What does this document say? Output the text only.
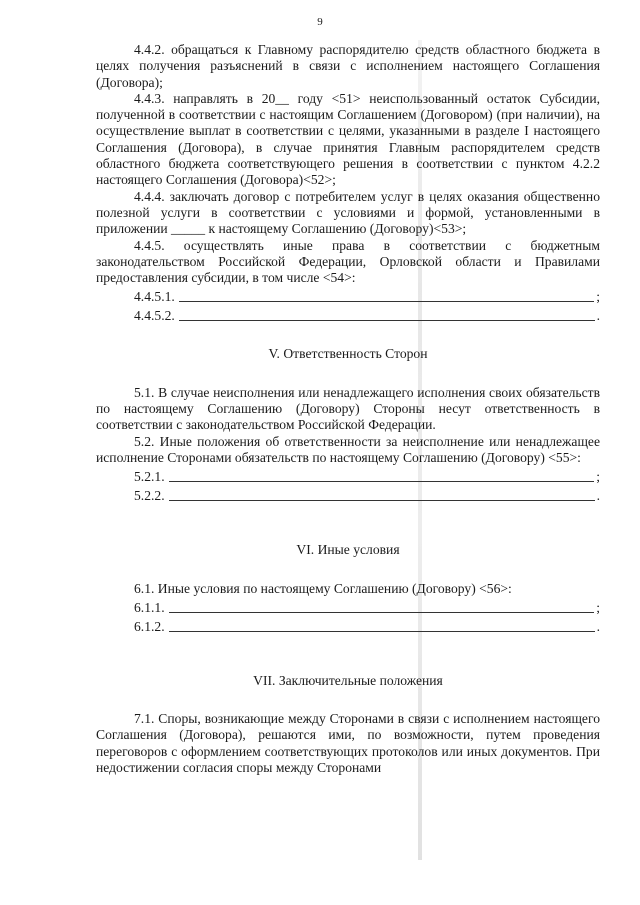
9

4.4.2. обращаться к Главному распорядителю средств областного бюджета в целях получения разъяснений в связи с исполнением настоящего Соглашения (Договора);

4.4.3. направлять в 20__ году <51> неиспользованный остаток Субсидии, полученной в соответствии с настоящим Соглашением (Договором) (при наличии), на осуществление выплат в соответствии с целями, указанными в разделе I настоящего Соглашения (Договора), в случае принятия Главным распорядителем средств областного бюджета соответствующего решения в соответствии с пунктом 4.2.2 настоящего Соглашения (Договора)<52>;

4.4.4. заключать договор с потребителем услуг в целях оказания общественно полезной услуги в соответствии с условиями и формой, установленными в приложении _____ к настоящему Соглашению (Договору)<53>;

4.4.5. осуществлять иные права в соответствии с бюджетным законодательством Российской Федерации, Орловской области и Правилами предоставления субсидии, в том числе <54>:

4.4.5.1.	;
4.4.5.2.	.
V. Ответственность Сторон

5.1. В случае неисполнения или ненадлежащего исполнения своих обязательств по настоящему Соглашению (Договору) Стороны несут ответственность в соответствии с законодательством Российской Федерации.

5.2. Иные положения об ответственности за неисполнение или ненадлежащее исполнение Сторонами обязательств по настоящему Соглашению (Договору) <55>:

5.2.1.	;
5.2.2.	.
VI. Иные условия

6.1. Иные условия по настоящему Соглашению (Договору) <56>:

6.1.1.	;
6.1.2.	.
VII. Заключительные положения

7.1. Споры, возникающие между Сторонами в связи с исполнением настоящего Соглашения (Договора), решаются ими, по возможности, путем проведения переговоров с оформлением соответствующих протоколов или иных документов. При недостижении согласия споры между Сторонами
